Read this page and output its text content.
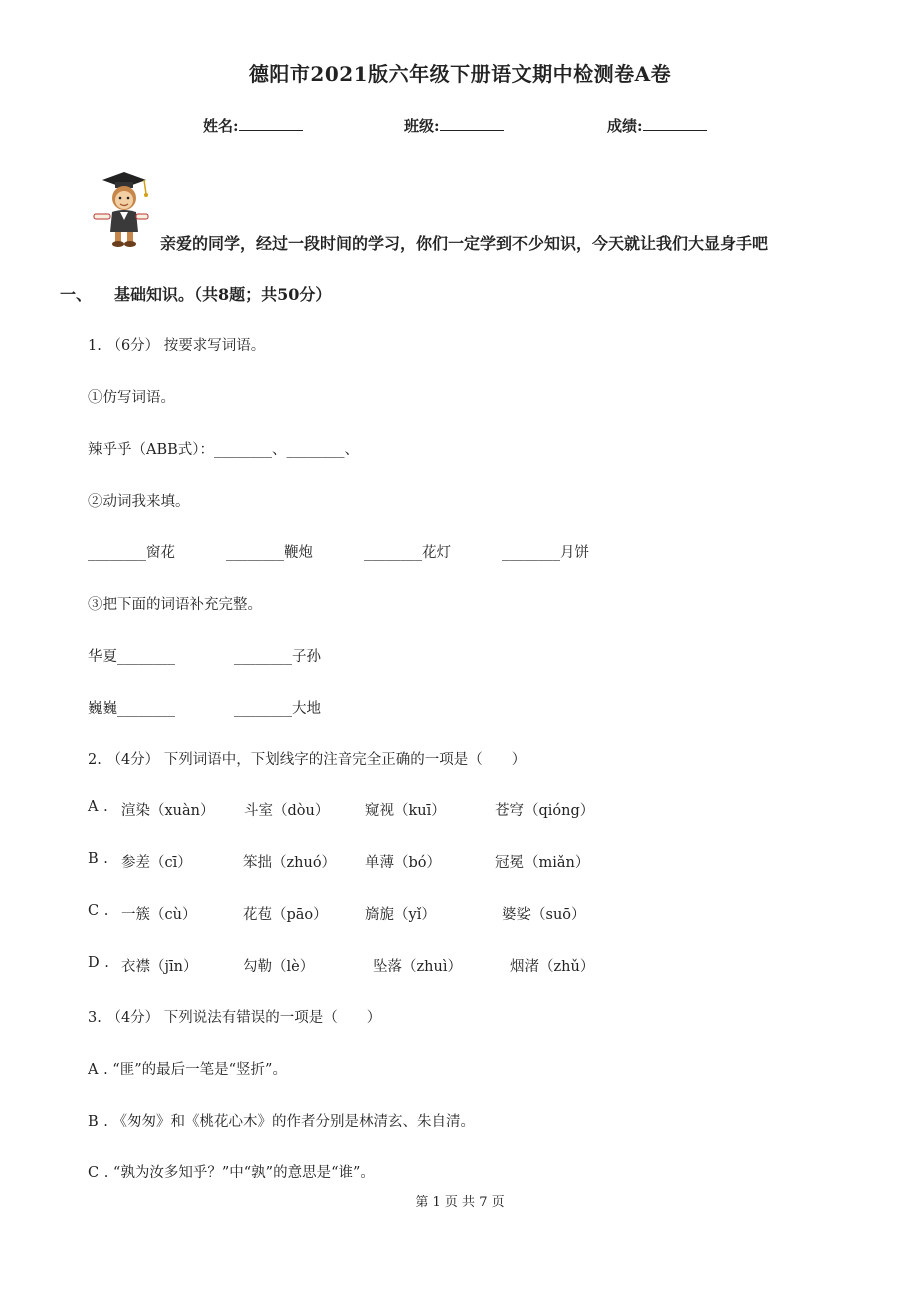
德阳市2021版六年级下册语文期中检测卷A卷
姓名:	班级:	成绩:
亲爱的同学，经过一段时间的学习，你们一定学到不少知识，今天就让我们大显身手吧
一、 基础知识。（共8题；共50分）
1. （6分） 按要求写词语。
①仿写词语。
辣乎乎（ABB式）：________、________、
②动词我来填。
________窗花	________鞭炮	________花灯	________月饼
③把下面的词语补充完整。
华夏________	________子孙
巍巍________	________大地
2. （4分） 下列词语中，下划线字的注音完全正确的一项是（　　）
A . 渲染（xuàn） 斗室（dòu） 窥视（kuī）	苍穹（qióng）
B . 参差（cī）	笨拙（zhuó） 单薄（bó）	冠冕（miǎn）
C . 一簇（cù）	花苞（pāo）	旖旎（yǐ）	婆娑（suō）
D . 衣襟（jīn）	勾勒（lè）	坠落（zhuì）	烟渚（zhǔ）
3. （4分） 下列说法有错误的一项是（　　）
A . “匪”的最后一笔是“竖折”。
B . 《匆匆》和《桃花心木》的作者分别是林清玄、朱自清。
C . “孰为汝多知乎？”中“孰”的意思是“谁”。
第 1 页 共 7 页
